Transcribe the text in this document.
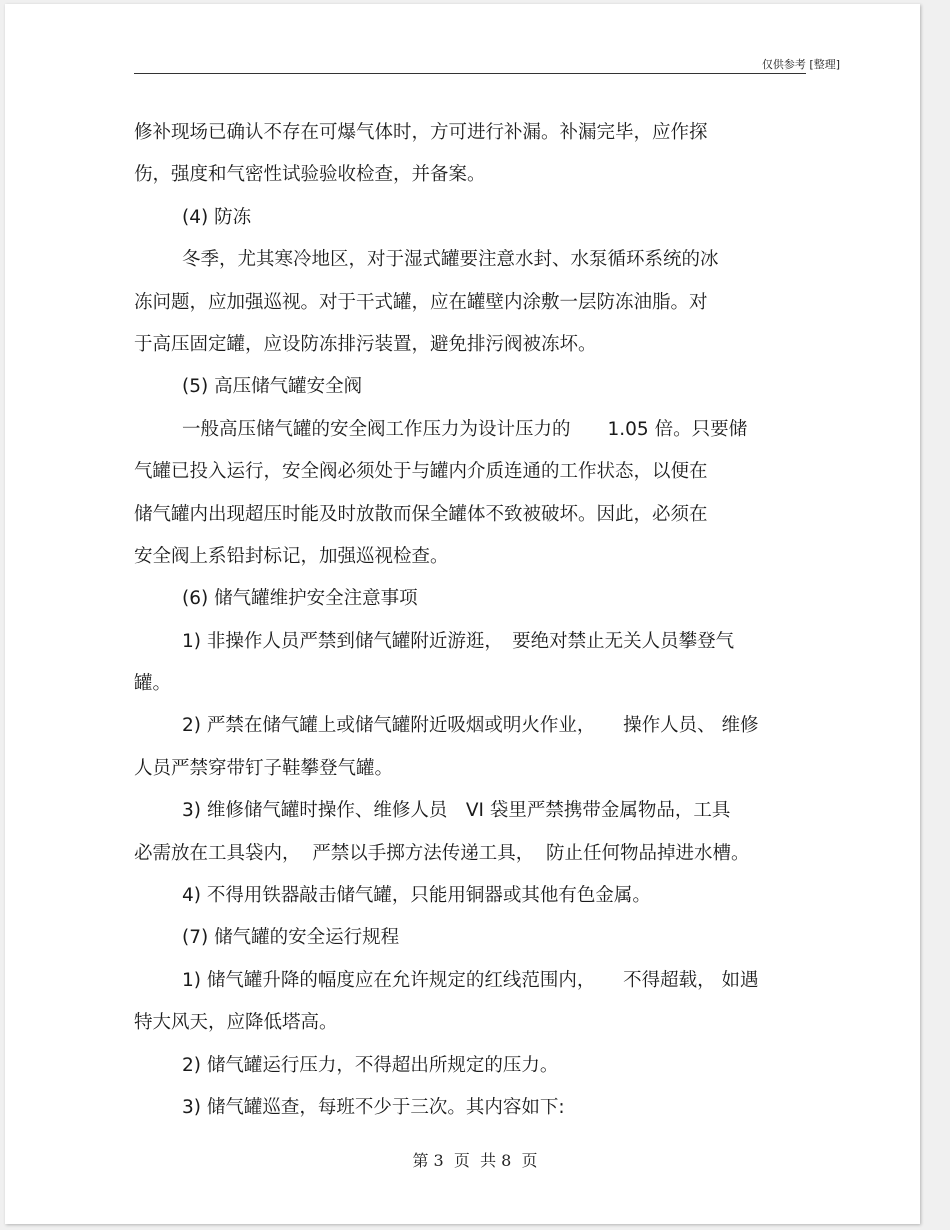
仅供参考 [整理]
修补现场已确认不存在可爆气体时，方可进行补漏。补漏完毕，应作探
伤，强度和气密性试验验收检查，并备案。
(4) 防冻
冬季，尤其寒冷地区，对于湿式罐要注意水封、水泵循环系统的冰
冻问题，应加强巡视。对于干式罐，应在罐壁内涂敷一层防冻油脂。对
于高压固定罐，应设防冻排污装置，避免排污阀被冻坏。
(5) 高压储气罐安全阀
一般高压储气罐的安全阀工作压力为设计压力的　　1.05 倍。只要储
气罐已投入运行，安全阀必须处于与罐内介质连通的工作状态，以便在
储气罐内出现超压时能及时放散而保全罐体不致被破坏。因此，必须在
安全阀上系铅封标记，加强巡视检查。
(6) 储气罐维护安全注意事项
1) 非操作人员严禁到储气罐附近游逛，　要绝对禁止无关人员攀登气
罐。
2) 严禁在储气罐上或储气罐附近吸烟或明火作业，　　操作人员、 维修
人员严禁穿带钉子鞋攀登气罐。
3) 维修储气罐时操作、维修人员　VI 袋里严禁携带金属物品，工具
必需放在工具袋内，  严禁以手掷方法传递工具，  防止任何物品掉进水槽。
4) 不得用铁器敲击储气罐，只能用铜器或其他有色金属。
(7) 储气罐的安全运行规程
1) 储气罐升降的幅度应在允许规定的红线范围内，　　不得超载， 如遇
特大风天，应降低塔高。
2) 储气罐运行压力，不得超出所规定的压力。
3) 储气罐巡查，每班不少于三次。其内容如下:
第 3  页  共 8  页
